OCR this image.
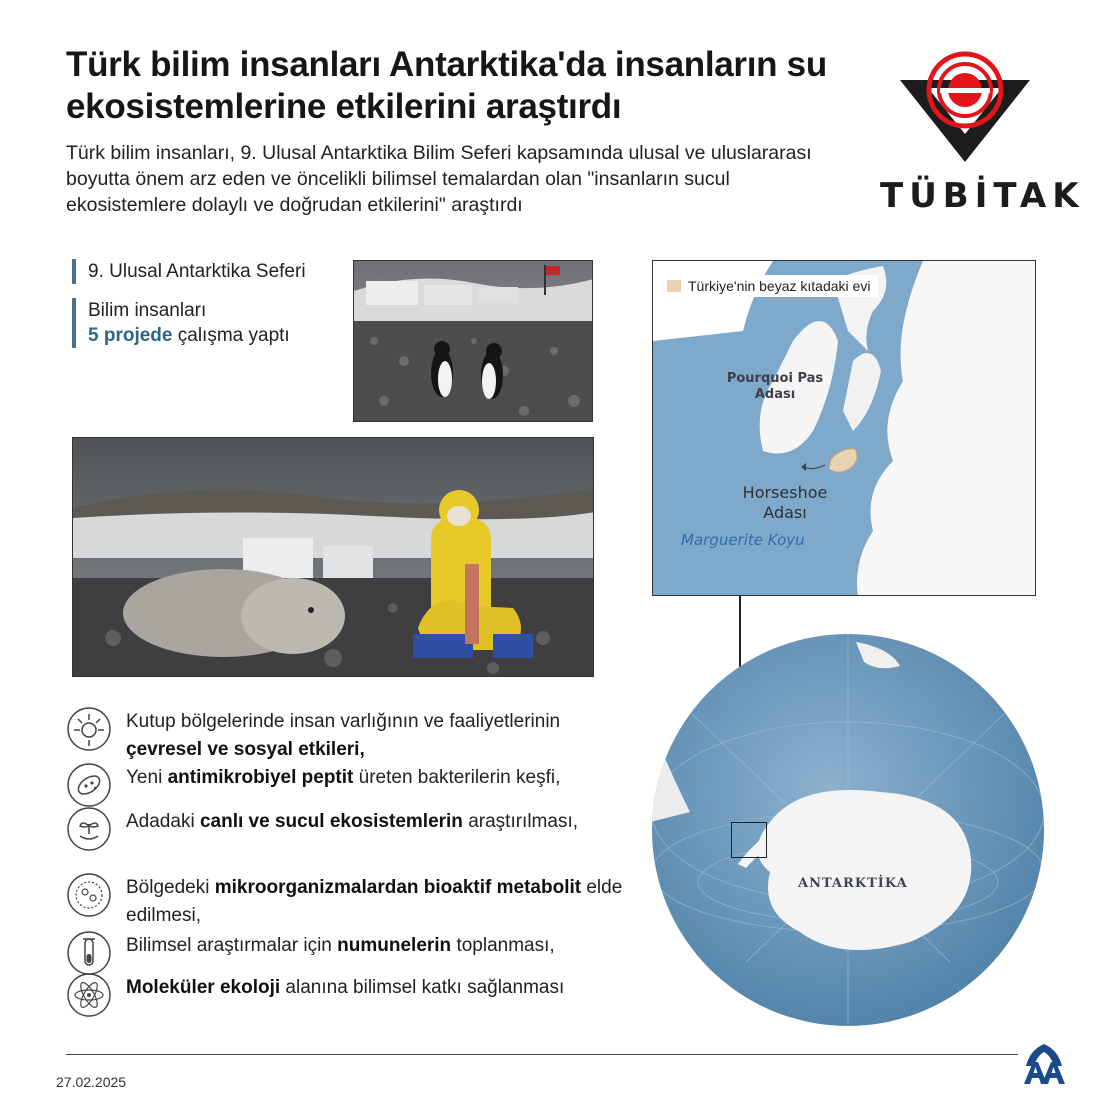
Türk bilim insanları Antarktika'da insanların su ekosistemlerine etkilerini araştırdı
Türk bilim insanları, 9. Ulusal Antarktika Bilim Seferi kapsamında ulusal ve uluslararası boyutta önem arz eden ve öncelikli bilimsel temalardan olan "insanların sucul ekosistemlere dolaylı ve doğrudan etkilerini" araştırdı	TÜBİTAK
9. Ulusal Antarktika Seferi
Bilim insanları
5 projede çalışma yaptı
Türkiye'nin beyaz kıtadaki evi
Pourquoi Pas
Adası
Horseshoe
Adası
Marguerite Koyu
ANTARKTİKA
Kutup bölgelerinde insan varlığının ve faaliyetlerinin çevresel ve sosyal etkileri,
Yeni antimikrobiyel peptit üreten bakterilerin keşfi,
Adadaki canlı ve sucul ekosistemlerin araştırılması,
Bölgedeki mikroorganizmalardan bioaktif metabolit elde edilmesi,
Bilimsel araştırmalar için numunelerin toplanması,
Moleküler ekoloji alanına bilimsel katkı sağlanması
27.02.2025
